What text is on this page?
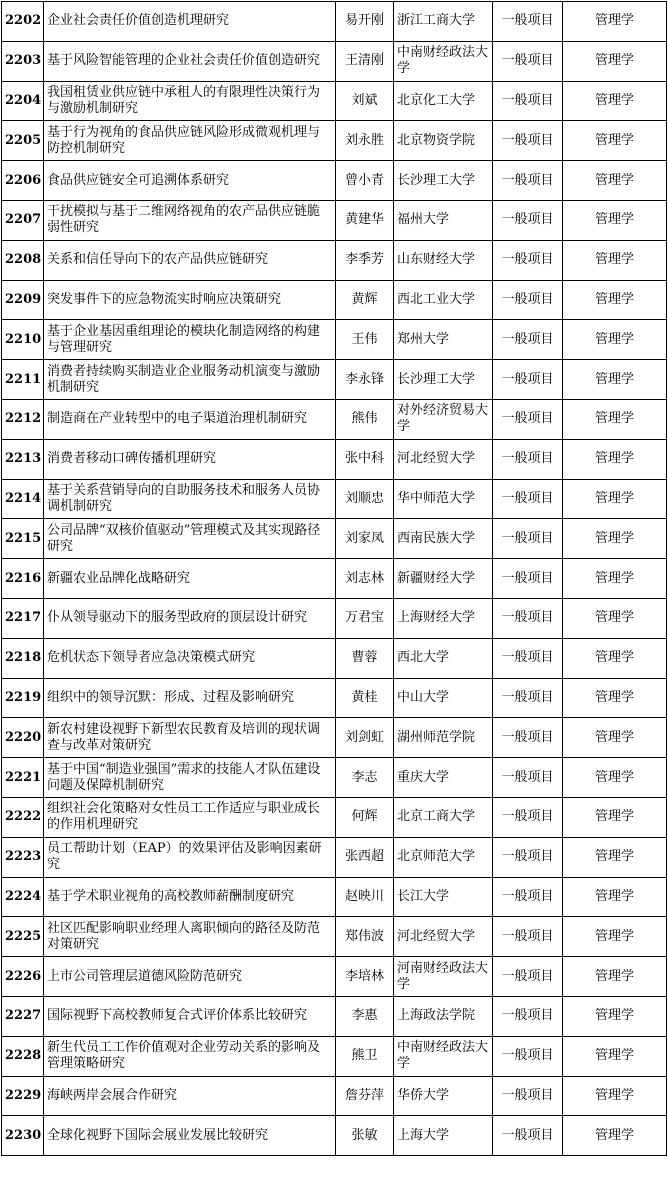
2202	企业社会责任价值创造机理研究	易开刚	浙江工商大学	一般项目	管理学
2203	基于风险智能管理的企业社会责任价值创造研究	王清刚	中南财经政法大学	一般项目	管理学
2204	我国租赁业供应链中承租人的有限理性决策行为与激励机制研究	刘斌	北京化工大学	一般项目	管理学
2205	基于行为视角的食品供应链风险形成微观机理与防控机制研究	刘永胜	北京物资学院	一般项目	管理学
2206	食品供应链安全可追溯体系研究	曾小青	长沙理工大学	一般项目	管理学
2207	干扰模拟与基于二维网络视角的农产品供应链脆弱性研究	黄建华	福州大学	一般项目	管理学
2208	关系和信任导向下的农产品供应链研究	李季芳	山东财经大学	一般项目	管理学
2209	突发事件下的应急物流实时响应决策研究	黄辉	西北工业大学	一般项目	管理学
2210	基于企业基因重组理论的模块化制造网络的构建与管理研究	王伟	郑州大学	一般项目	管理学
2211	消费者持续购买制造业企业服务动机演变与激励机制研究	李永锋	长沙理工大学	一般项目	管理学
2212	制造商在产业转型中的电子渠道治理机制研究	熊伟	对外经济贸易大学	一般项目	管理学
2213	消费者移动口碑传播机理研究	张中科	河北经贸大学	一般项目	管理学
2214	基于关系营销导向的自助服务技术和服务人员协调机制研究	刘顺忠	华中师范大学	一般项目	管理学
2215	公司品牌“双核价值驱动”管理模式及其实现路径研究	刘家凤	西南民族大学	一般项目	管理学
2216	新疆农业品牌化战略研究	刘志林	新疆财经大学	一般项目	管理学
2217	仆从领导驱动下的服务型政府的顶层设计研究	万君宝	上海财经大学	一般项目	管理学
2218	危机状态下领导者应急决策模式研究	曹蓉	西北大学	一般项目	管理学
2219	组织中的领导沉默：形成、过程及影响研究	黄桂	中山大学	一般项目	管理学
2220	新农村建设视野下新型农民教育及培训的现状调查与改革对策研究	刘剑虹	湖州师范学院	一般项目	管理学
2221	基于中国“制造业强国”需求的技能人才队伍建设问题及保障机制研究	李志	重庆大学	一般项目	管理学
2222	组织社会化策略对女性员工工作适应与职业成长的作用机理研究	何辉	北京工商大学	一般项目	管理学
2223	员工帮助计划（EAP）的效果评估及影响因素研究	张西超	北京师范大学	一般项目	管理学
2224	基于学术职业视角的高校教师薪酬制度研究	赵映川	长江大学	一般项目	管理学
2225	社区匹配影响职业经理人离职倾向的路径及防范对策研究	郑伟波	河北经贸大学	一般项目	管理学
2226	上市公司管理层道德风险防范研究	李培林	河南财经政法大学	一般项目	管理学
2227	国际视野下高校教师复合式评价体系比较研究	李惠	上海政法学院	一般项目	管理学
2228	新生代员工工作价值观对企业劳动关系的影响及管理策略研究	熊卫	中南财经政法大学	一般项目	管理学
2229	海峡两岸会展合作研究	詹芬萍	华侨大学	一般项目	管理学
2230	全球化视野下国际会展业发展比较研究	张敏	上海大学	一般项目	管理学
